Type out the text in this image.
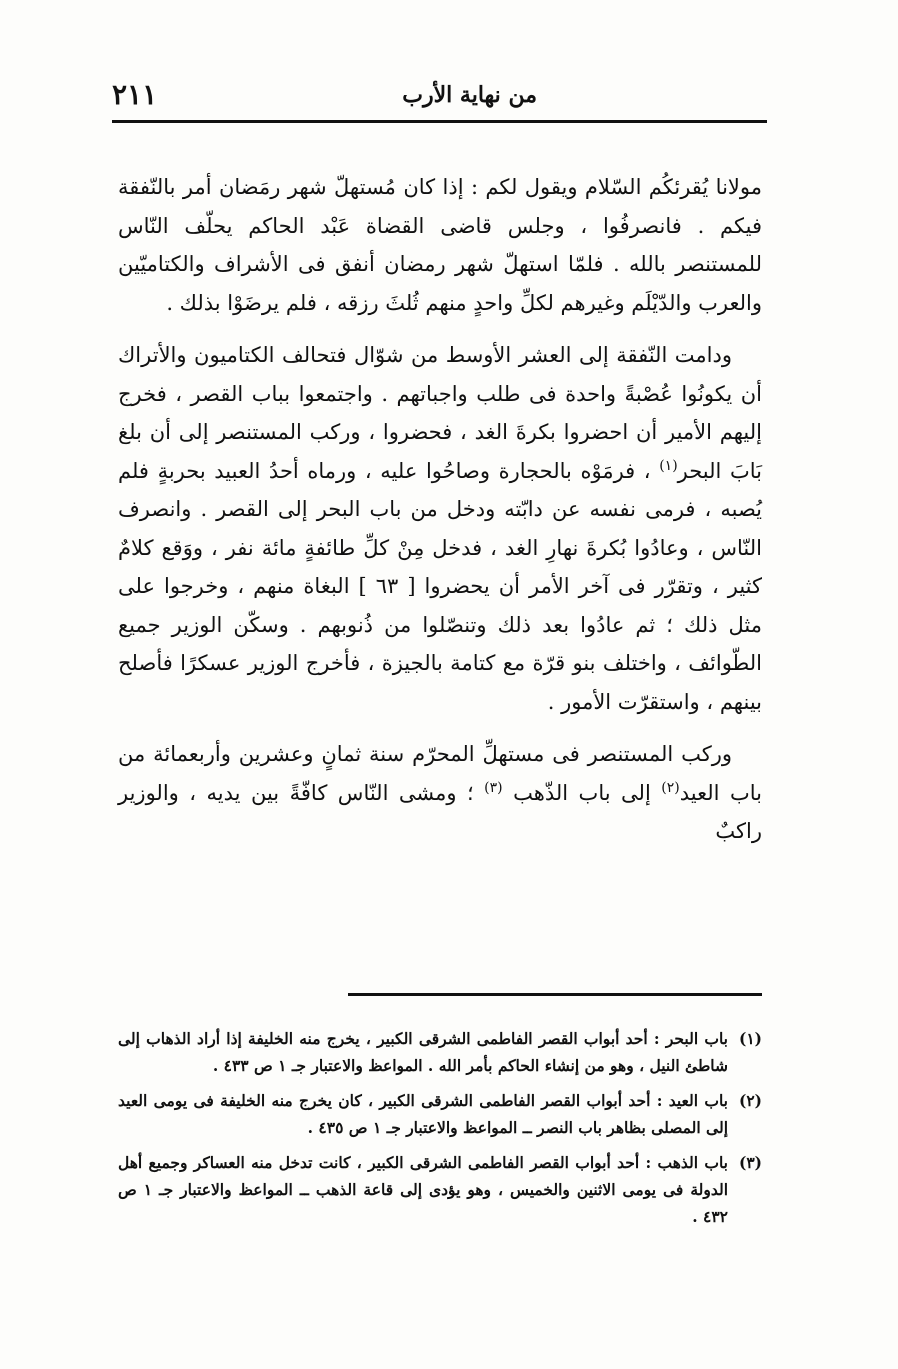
من نهاية الأرب
٢١١

مولانا يُقرئكُم السّلام ويقول لكم : إذا كان مُستهلّ شهر رمَضان أمر بالنّفقة فيكم . فانصرفُوا ، وجلس قاضى القضاة عَبْد الحاكم يحلّف النّاس للمستنصر بالله . فلمّا استهلّ شهر رمضان أنفق فى الأشراف والكتاميّين والعرب والدّيْلَم وغيرهم لكلِّ واحدٍ منهم ثُلثَ رزقه ، فلم يرضَوْا بذلك .

ودامت النّفقة إلى العشر الأوسط من شوّال فتحالف الكتاميون والأتراك أن يكونُوا عُصْبةً واحدة فى طلب واجباتهم . واجتمعوا بباب القصر ، فخرج إليهم الأمير أن احضروا بكرةَ الغد ، فحضروا ، وركب المستنصر إلى أن بلغ بَابَ البحر$^{(١)}$ ، فرمَوْه بالحجارة وصاحُوا عليه ، ورماه أحدُ العبيد بحربةٍ فلم يُصبه ، فرمى نفسه عن دابّته ودخل من باب البحر إلى القصر . وانصرف النّاس ، وعادُوا بُكرةَ نهارِ الغد ، فدخل مِنْ كلِّ طائفةٍ مائة نفر ، ووَقع كلامٌ كثير ، وتقرّر فى آخر الأمر أن يحضروا [ ٦٣ ] البغاة منهم ، وخرجوا على مثل ذلك ؛ ثم عادُوا بعد ذلك وتنصّلوا من ذُنوبهم . وسكّن الوزير جميع الطّوائف ، واختلف بنو قرّة مع كتامة بالجيزة ، فأخرج الوزير عسكرًا فأصلح بينهم ، واستقرّت الأمور .

وركب المستنصر فى مستهلِّ المحرّم سنة ثمانٍ وعشرين وأربعمائة من باب العيد$^{(٢)}$ إلى باب الذّهب $^{(٣)}$ ؛ ومشى النّاس كافّةً بين يديه ، والوزير راكبٌ

(١)
باب البحر : أحد أبواب القصر الفاطمى الشرقى الكبير ، يخرج منه الخليفة إذا أراد الذهاب إلى شاطئ النيل ، وهو من إنشاء الحاكم بأمر الله . المواعظ والاعتبار جـ ١ ص ٤٣٣ .
(٢)
باب العيد : أحد أبواب القصر الفاطمى الشرقى الكبير ، كان يخرج منه الخليفة فى يومى العيد إلى المصلى بظاهر باب النصر ــ المواعظ والاعتبار جـ ١ ص ٤٣٥ .
(٣)
باب الذهب : أحد أبواب القصر الفاطمى الشرقى الكبير ، كانت تدخل منه العساكر وجميع أهل الدولة فى يومى الاثنين والخميس ، وهو يؤدى إلى قاعة الذهب ــ المواعظ والاعتبار جـ ١ ص ٤٣٢ .
